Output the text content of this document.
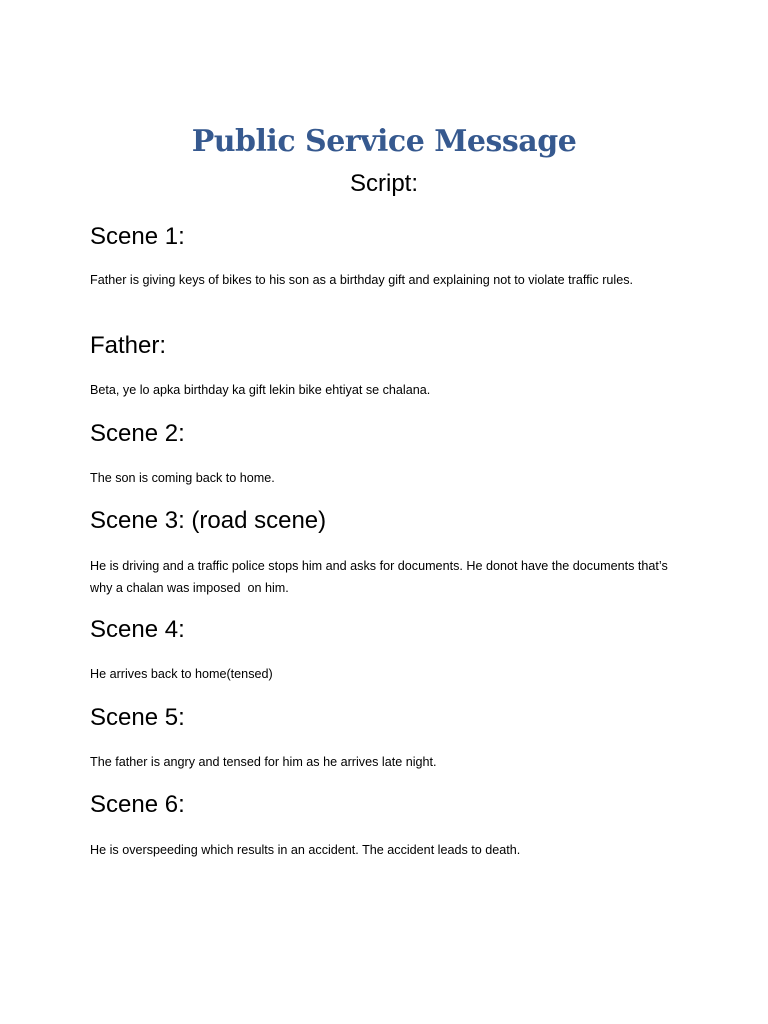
Public Service Message
Script:
Scene 1:
Father is giving keys of bikes to his son as a birthday gift and explaining not to violate traffic rules.
Father:
Beta, ye lo apka birthday ka gift lekin bike ehtiyat se chalana.
Scene 2:
The son is coming back to home.
Scene 3: (road scene)
He is driving and a traffic police stops him and asks for documents. He donot have the documents that’s why a chalan was imposed  on him.
Scene 4:
He arrives back to home(tensed)
Scene 5:
The father is angry and tensed for him as he arrives late night.
Scene 6:
He is overspeeding which results in an accident. The accident leads to death.
